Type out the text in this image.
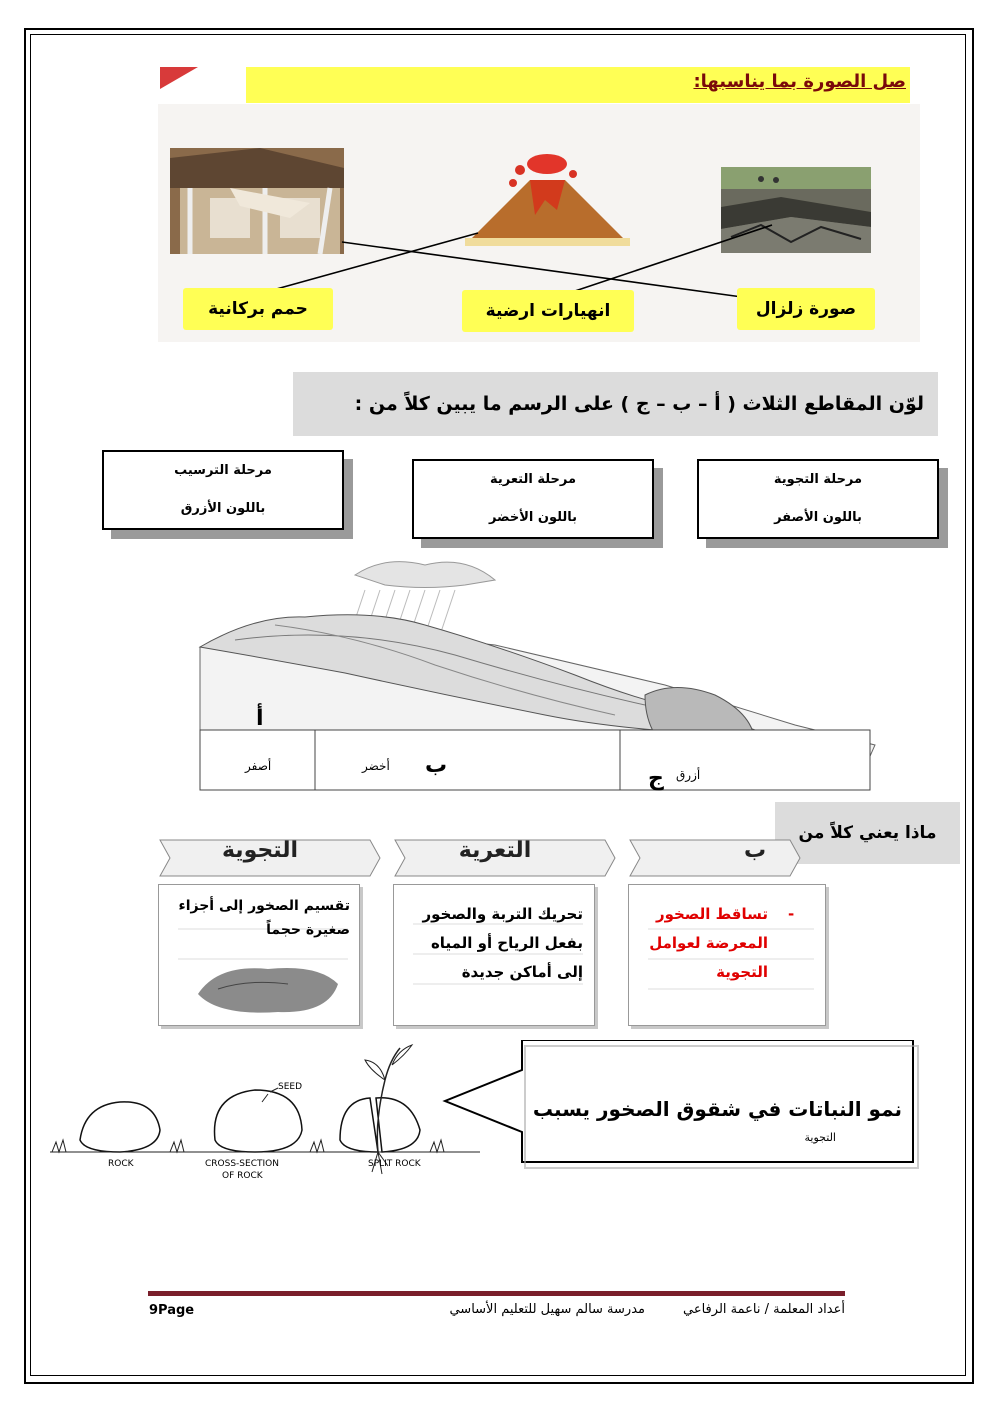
صل الصورة بما يناسبها:
حمم بركانية	انهيارات ارضية	صورة زلزال
لوّن المقاطع الثلاث ( أ – ب – ج ) على الرسم ما يبين كلاً من :
مرحلة الترسيب
باللون الأزرق
مرحلة التعرية
باللون الأخضر
مرحلة التجوية
باللون الأصفر
أ
أصفر	ب
أخضر	ج أزرق
ماذا يعني كلاً من
التجوية	التعرية	ب
تقسيم الصخور إلى أجزاء صغيرة حجماً
تحريك التربة والصخور بفعل الرياح أو المياه إلى أماكن جديدة
-
تساقط الصخور المعرضة لعوامل التجوية
SEED
ROCK	CROSS-SECTION
OF ROCK
SPLIT ROCK
نمو النباتات في شقوق الصخور يسبب
التجوية
9Page	أعداد المعلمة / ناعمة الرفاعي
مدرسة سالم سهيل للتعليم الأساسي
